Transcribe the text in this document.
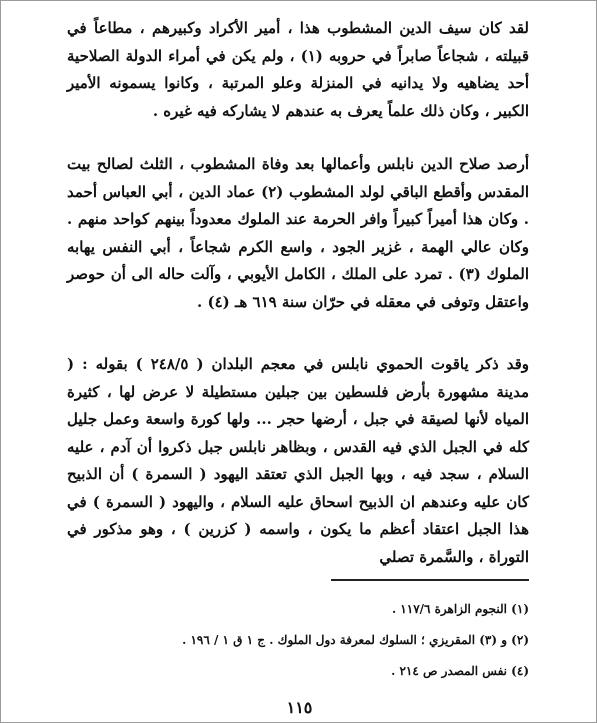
لقد كان سيف الدين المشطوب هذا ، أمير الأكراد وكبيرهم ، مطاعاً في قبيلته ، شجاعاً صابراً في حروبه (١) ، ولم يكن في أمراء الدولة الصلاحية أحد يضاهيه ولا يدانيه في المنزلة وعلو المرتبة ، وكانوا يسمونه الأمير الكبير ، وكان ذلك علماً يعرف به عندهم لا يشاركه فيه غيره .

أرصد صلاح الدين نابلس وأعمالها بعد وفاة المشطوب ، الثلث لصالح بيت المقدس وأقطع الباقي لولد المشطوب (٢) عماد الدين ، أبي العباس أحمد . وكان هذا أميراً كبيراً وافر الحرمة عند الملوك معدوداً بينهم كواحد منهم . وكان عالي الهمة ، غزير الجود ، واسع الكرم شجاعاً ، أبي النفس يهابه الملوك (٣) . تمرد على الملك ، الكامل الأيوبي ، وآلت حاله الى أن حوصر واعتقل وتوفى في معقله في حرّان سنة ٦١٩ هـ (٤) .

وقد ذكر ياقوت الحموي نابلس في معجم البلدان ( ٢٤٨/٥ ) بقوله : ( مدينة مشهورة بأرض فلسطين بين جبلين مستطيلة لا عرض لها ، كثيرة المياه لأنها لصيقة في جبل ، أرضها حجر ... ولها كورة واسعة وعمل جليل كله في الجبل الذي فيه القدس ، وبظاهر نابلس جبل ذكروا أن آدم ، عليه السلام ، سجد فيه ، وبها الجبل الذي تعتقد اليهود ( السمرة ) أن الذبيح كان عليه وعندهم ان الذبيح اسحاق عليه السلام ، واليهود ( السمرة ) في هذا الجبل اعتقاد أعظم ما يكون ، واسمه ( كزرين ) ، وهو مذكور في التوراة ، والسَّمرة تصلي

(١) النجوم الزاهرة ١١٧/٦ .
(٢) و (٣) المقريزي ؛ السلوك لمعرفة دول الملوك . ج ١ ق ١ / ١٩٦ .
(٤) نفس المصدر ص ٢١٤ .
١١٥
